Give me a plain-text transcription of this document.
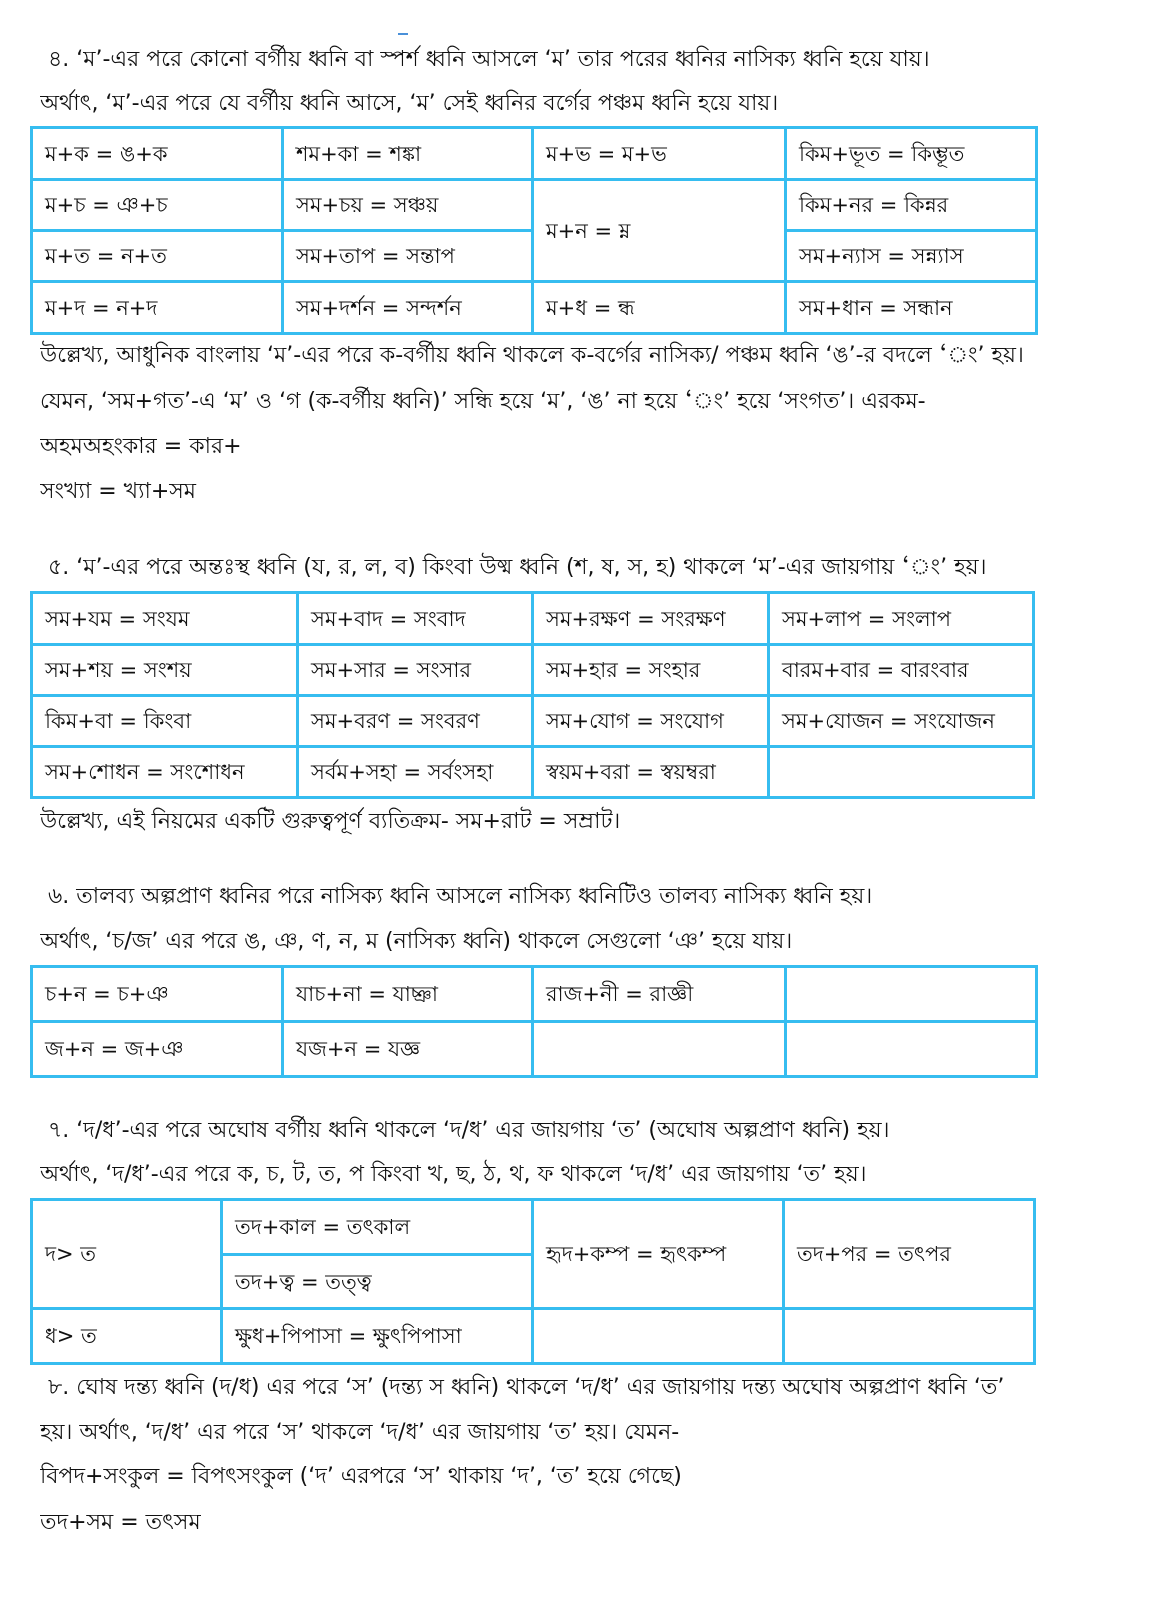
৪. ‘ম’-এর পরে কোনো বর্গীয় ধ্বনি বা স্পর্শ ধ্বনি আসলে ‘ম’ তার পরের ধ্বনির নাসিক্য ধ্বনি হয়ে যায়।
অর্থাৎ, ‘ম’-এর পরে যে বর্গীয় ধ্বনি আসে, ‘ম’ সেই ধ্বনির বর্গের পঞ্চম ধ্বনি হয়ে যায়।
ম+ক = ঙ+ক	শম+কা = শঙ্কা	ম+ভ = ম+ভ	কিম+ভূত = কিম্ভূত

ম+চ = ঞ+চ	সম+চয় = সঞ্চয়	ম+ন = ম্ন	কিম+নর = কিন্নর

ম+ত = ন+ত	সম+তাপ = সন্তাপ		সম+ন্যাস = সন্ন্যাস

ম+দ = ন+দ	সম+দর্শন = সন্দর্শন	ম+ধ = ন্ধ	সম+ধান = সন্ধান
উল্লেখ্য, আধুনিক বাংলায় ‘ম’-এর পরে ক-বর্গীয় ধ্বনি থাকলে ক-বর্গের নাসিক্য/ পঞ্চম ধ্বনি ‘ঙ’-র বদলে ‘ং’ হয়।
যেমন, ‘সম+গত’-এ ‘ম’ ও ‘গ (ক-বর্গীয় ধ্বনি)’ সন্ধি হয়ে ‘ম’, ‘ঙ’ না হয়ে ‘ং’ হয়ে ‘সংগত’। এরকম-
অহমঅহংকার = কার+
সংখ্যা = খ্যা+সম
৫. ‘ম’-এর পরে অন্তঃস্থ ধ্বনি (য, র, ল, ব) কিংবা উষ্ম ধ্বনি (শ, ষ, স, হ) থাকলে ‘ম’-এর জায়গায় ‘ং’ হয়।
সম+যম = সংযম	সম+বাদ = সংবাদ	সম+রক্ষণ = সংরক্ষণ	সম+লাপ = সংলাপ

সম+শয় = সংশয়	সম+সার = সংসার	সম+হার = সংহার	বারম+বার = বারংবার

কিম+বা = কিংবা	সম+বরণ = সংবরণ	সম+যোগ = সংযোগ	সম+যোজন = সংযোজন

সম+শোধন = সংশোধন	সর্বম+সহা = সর্বংসহা	স্বয়ম+বরা = স্বয়ম্বরা	

উল্লেখ্য, এই নিয়মের একটি গুরুত্বপূর্ণ ব্যতিক্রম- সম+রাট = সম্রাট।
৬. তালব্য অল্পপ্রাণ ধ্বনির পরে নাসিক্য ধ্বনি আসলে নাসিক্য ধ্বনিটিও তালব্য নাসিক্য ধ্বনি হয়।
অর্থাৎ, ‘চ/জ’ এর পরে ঙ, ঞ, ণ, ন, ম (নাসিক্য ধ্বনি) থাকলে সেগুলো ‘ঞ’ হয়ে যায়।
চ+ন = চ+ঞ	যাচ+না = যাচ্ঞা	রাজ+নী = রাজ্ঞী	

জ+ন = জ+ঞ	যজ+ন = যজ্ঞ		

৭. ‘দ/ধ’-এর পরে অঘোষ বর্গীয় ধ্বনি থাকলে ‘দ/ধ’ এর জায়গায় ‘ত’ (অঘোষ অল্পপ্রাণ ধ্বনি) হয়।
অর্থাৎ, ‘দ/ধ’-এর পরে ক, চ, ট, ত, প কিংবা খ, ছ, ঠ, থ, ফ থাকলে ‘দ/ধ’ এর জায়গায় ‘ত’ হয়।
দ> ত	তদ+কাল = তৎকাল	হৃদ+কম্প = হৃৎকম্প	তদ+পর = তৎপর

	তদ+ত্ব = তত্ত্ব		

ধ> ত	ক্ষুধ+পিপাসা = ক্ষুৎপিপাসা		

৮. ঘোষ দন্ত্য ধ্বনি (দ/ধ) এর পরে ‘স’ (দন্ত্য স ধ্বনি) থাকলে ‘দ/ধ’ এর জায়গায় দন্ত্য অঘোষ অল্পপ্রাণ ধ্বনি ‘ত’
হয়। অর্থাৎ, ‘দ/ধ’ এর পরে ‘স’ থাকলে ‘দ/ধ’ এর জায়গায় ‘ত’ হয়। যেমন-
বিপদ+সংকুল = বিপৎসংকুল (‘দ’ এরপরে ‘স’ থাকায় ‘দ’, ‘ত’ হয়ে গেছে)
তদ+সম = তৎসম
